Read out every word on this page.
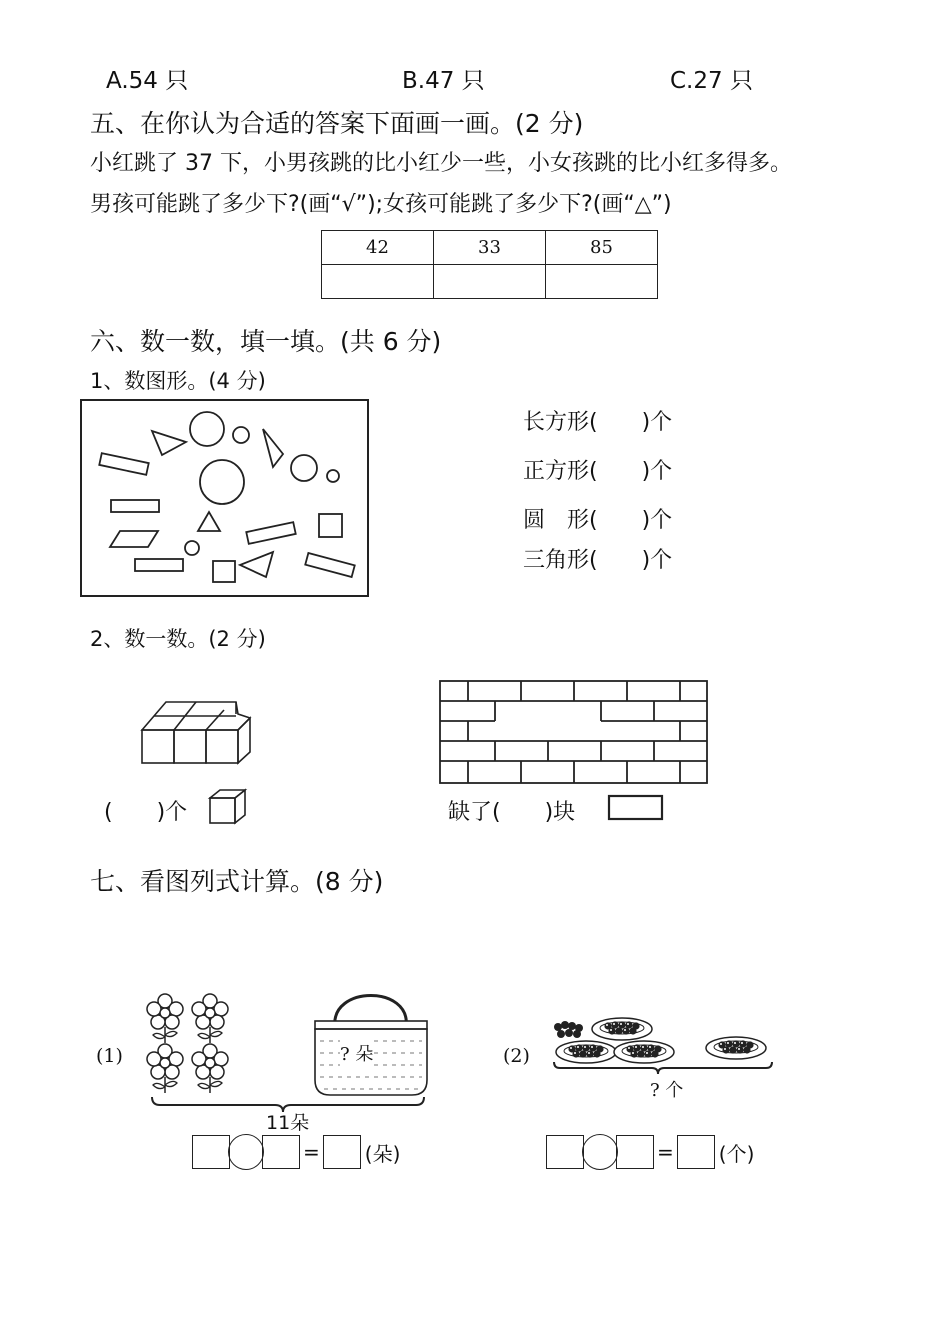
A.54 只	B.47 只	C.27 只
五、在你认为合适的答案下面画一画。(2 分)
小红跳了 37 下，小男孩跳的比小红少一些，小女孩跳的比小红多得多。
男孩可能跳了多少下?(画“√”);女孩可能跳了多少下?(画“△”)
42	33	85

六、数一数，填一填。(共 6 分)
1、数图形。(4 分)
长方形(　　)个
正方形(　　)个
圆　形(　　)个
三角形(　　)个
2、数一数。(2 分)
(　　)个	缺了(　　)块
七、看图列式计算。(8 分)
(1)	? 朵
11朵
= (朵)
(2)
? 个
= (个)
